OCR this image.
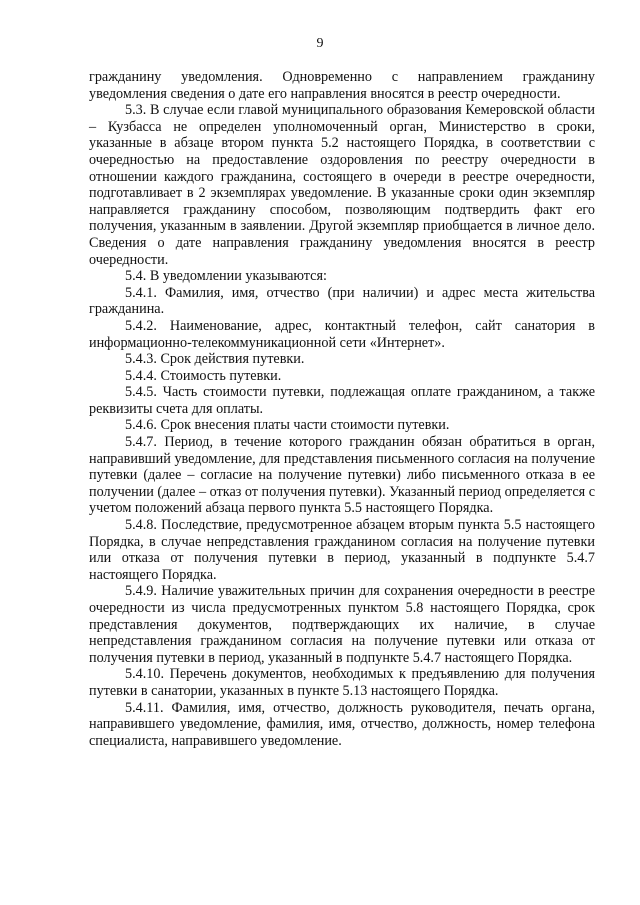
9

гражданину уведомления. Одновременно с направлением гражданину уведомления сведения о дате его направления вносятся в реестр очередности.

5.3. В случае если главой муниципального образования Кемеровской области – Кузбасса не определен уполномоченный орган, Министерство в сроки, указанные в абзаце втором пункта 5.2 настоящего Порядка, в соответствии с очередностью на предоставление оздоровления по реестру очередности в отношении каждого гражданина, состоящего в очереди в реестре очередности, подготавливает в 2 экземплярах уведомление. В указанные сроки один экземпляр направляется гражданину способом, позволяющим подтвердить факт его получения, указанным в заявлении. Другой экземпляр приобщается в личное дело. Сведения о дате направления гражданину уведомления вносятся в реестр очередности.

5.4. В уведомлении указываются:

5.4.1. Фамилия, имя, отчество (при наличии) и адрес места жительства гражданина.

5.4.2. Наименование, адрес, контактный телефон, сайт санатория в информационно-телекоммуникационной сети «Интернет».

5.4.3. Срок действия путевки.

5.4.4. Стоимость путевки.

5.4.5. Часть стоимости путевки, подлежащая оплате гражданином, а также реквизиты счета для оплаты.

5.4.6. Срок внесения платы части стоимости путевки.

5.4.7. Период, в течение которого гражданин обязан обратиться в орган, направивший уведомление, для представления письменного согласия на получение путевки (далее – согласие на получение путевки) либо письменного отказа в ее получении (далее – отказ от получения путевки). Указанный период определяется с учетом положений абзаца первого пункта 5.5 настоящего Порядка.

5.4.8. Последствие, предусмотренное абзацем вторым пункта 5.5 настоящего Порядка, в случае непредставления гражданином согласия на получение путевки или отказа от получения путевки в период, указанный в подпункте 5.4.7 настоящего Порядка.

5.4.9. Наличие уважительных причин для сохранения очередности в реестре очередности из числа предусмотренных пунктом 5.8 настоящего Порядка, срок представления документов, подтверждающих их наличие, в случае непредставления гражданином согласия на получение путевки или отказа от получения путевки в период, указанный в подпункте 5.4.7 настоящего Порядка.

5.4.10. Перечень документов, необходимых к предъявлению для получения путевки в санатории, указанных в пункте 5.13 настоящего Порядка.

5.4.11. Фамилия, имя, отчество, должность руководителя, печать органа, направившего уведомление, фамилия, имя, отчество, должность, номер телефона специалиста, направившего уведомление.
